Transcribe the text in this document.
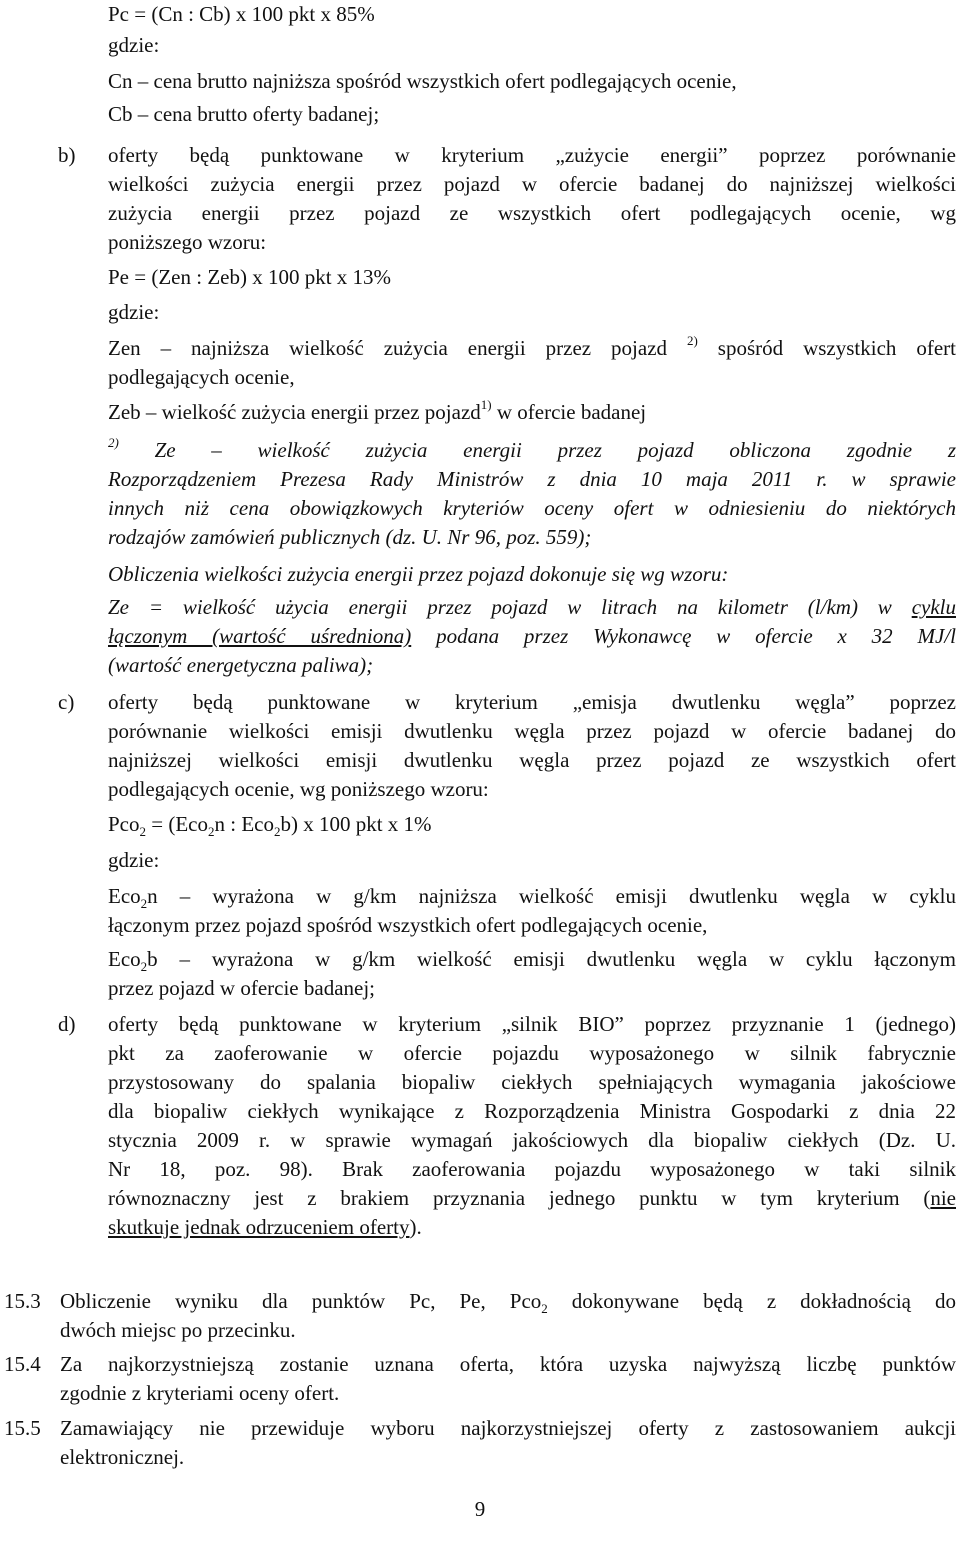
Pc = (Cn : Cb) x 100 pkt x 85%
gdzie:
Cn – cena brutto najniższa spośród wszystkich ofert podlegających ocenie,
Cb – cena brutto oferty badanej;
b) oferty będą punktowane w kryterium „zużycie energii” poprzez porównanie
wielkości zużycia energii przez pojazd w ofercie badanej do najniższej wielkości
zużycia energii przez pojazd ze wszystkich ofert podlegających ocenie, wg
poniższego wzoru:
Pe = (Zen : Zeb) x 100 pkt x 13%
gdzie:
Zen – najniższa wielkość zużycia energii przez pojazd $^{2)}$ spośród wszystkich ofert
podlegających ocenie,
Zeb – wielkość zużycia energii przez pojazd$^{1)}$ w ofercie badanej
$^{2)}$ Ze – wielkość zużycia energii przez pojazd obliczona zgodnie z
Rozporządzeniem Prezesa Rady Ministrów z dnia 10 maja 2011 r. w sprawie
innych niż cena obowiązkowych kryteriów oceny ofert w odniesieniu do niektórych
rodzajów zamówień publicznych (dz. U. Nr 96, poz. 559);
Obliczenia wielkości zużycia energii przez pojazd dokonuje się wg wzoru:
Ze = wielkość użycia energii przez pojazd w litrach na kilometr (l/km) w cyklu
łączonym (wartość uśredniona) podana przez Wykonawcę w ofercie x 32 MJ/l
(wartość energetyczna paliwa);
c) oferty będą punktowane w kryterium „emisja dwutlenku węgla” poprzez
porównanie wielkości emisji dwutlenku węgla przez pojazd w ofercie badanej do
najniższej wielkości emisji dwutlenku węgla przez pojazd ze wszystkich ofert
podlegających ocenie, wg poniższego wzoru:
Pco$_2$ = (Eco$_2$n : Eco$_2$b) x 100 pkt x 1%
gdzie:
Eco$_2$n – wyrażona w g/km najniższa wielkość emisji dwutlenku węgla w cyklu
łączonym przez pojazd spośród wszystkich ofert podlegających ocenie,
Eco$_2$b – wyrażona w g/km wielkość emisji dwutlenku węgla w cyklu łączonym
przez pojazd w ofercie badanej;
d) oferty będą punktowane w kryterium „silnik BIO” poprzez przyznanie 1 (jednego)
pkt za zaoferowanie w ofercie pojazdu wyposażonego w silnik fabrycznie
przystosowany do spalania biopaliw ciekłych spełniających wymagania jakościowe
dla biopaliw ciekłych wynikające z Rozporządzenia Ministra Gospodarki z dnia 22
stycznia 2009 r. w sprawie wymagań jakościowych dla biopaliw ciekłych (Dz. U.
Nr 18, poz. 98). Brak zaoferowania pojazdu wyposażonego w taki silnik
równoznaczny jest z brakiem przyznania jednego punktu w tym kryterium (nie
skutkuje jednak odrzuceniem oferty).
15.3 Obliczenie wyniku dla punktów Pc, Pe, Pco$_2$ dokonywane będą z dokładnością do
dwóch miejsc po przecinku.
15.4 Za najkorzystniejszą zostanie uznana oferta, która uzyska najwyższą liczbę punktów
zgodnie z kryteriami oceny ofert.
15.5 Zamawiający nie przewiduje wyboru najkorzystniejszej oferty z zastosowaniem aukcji
elektronicznej.
9
